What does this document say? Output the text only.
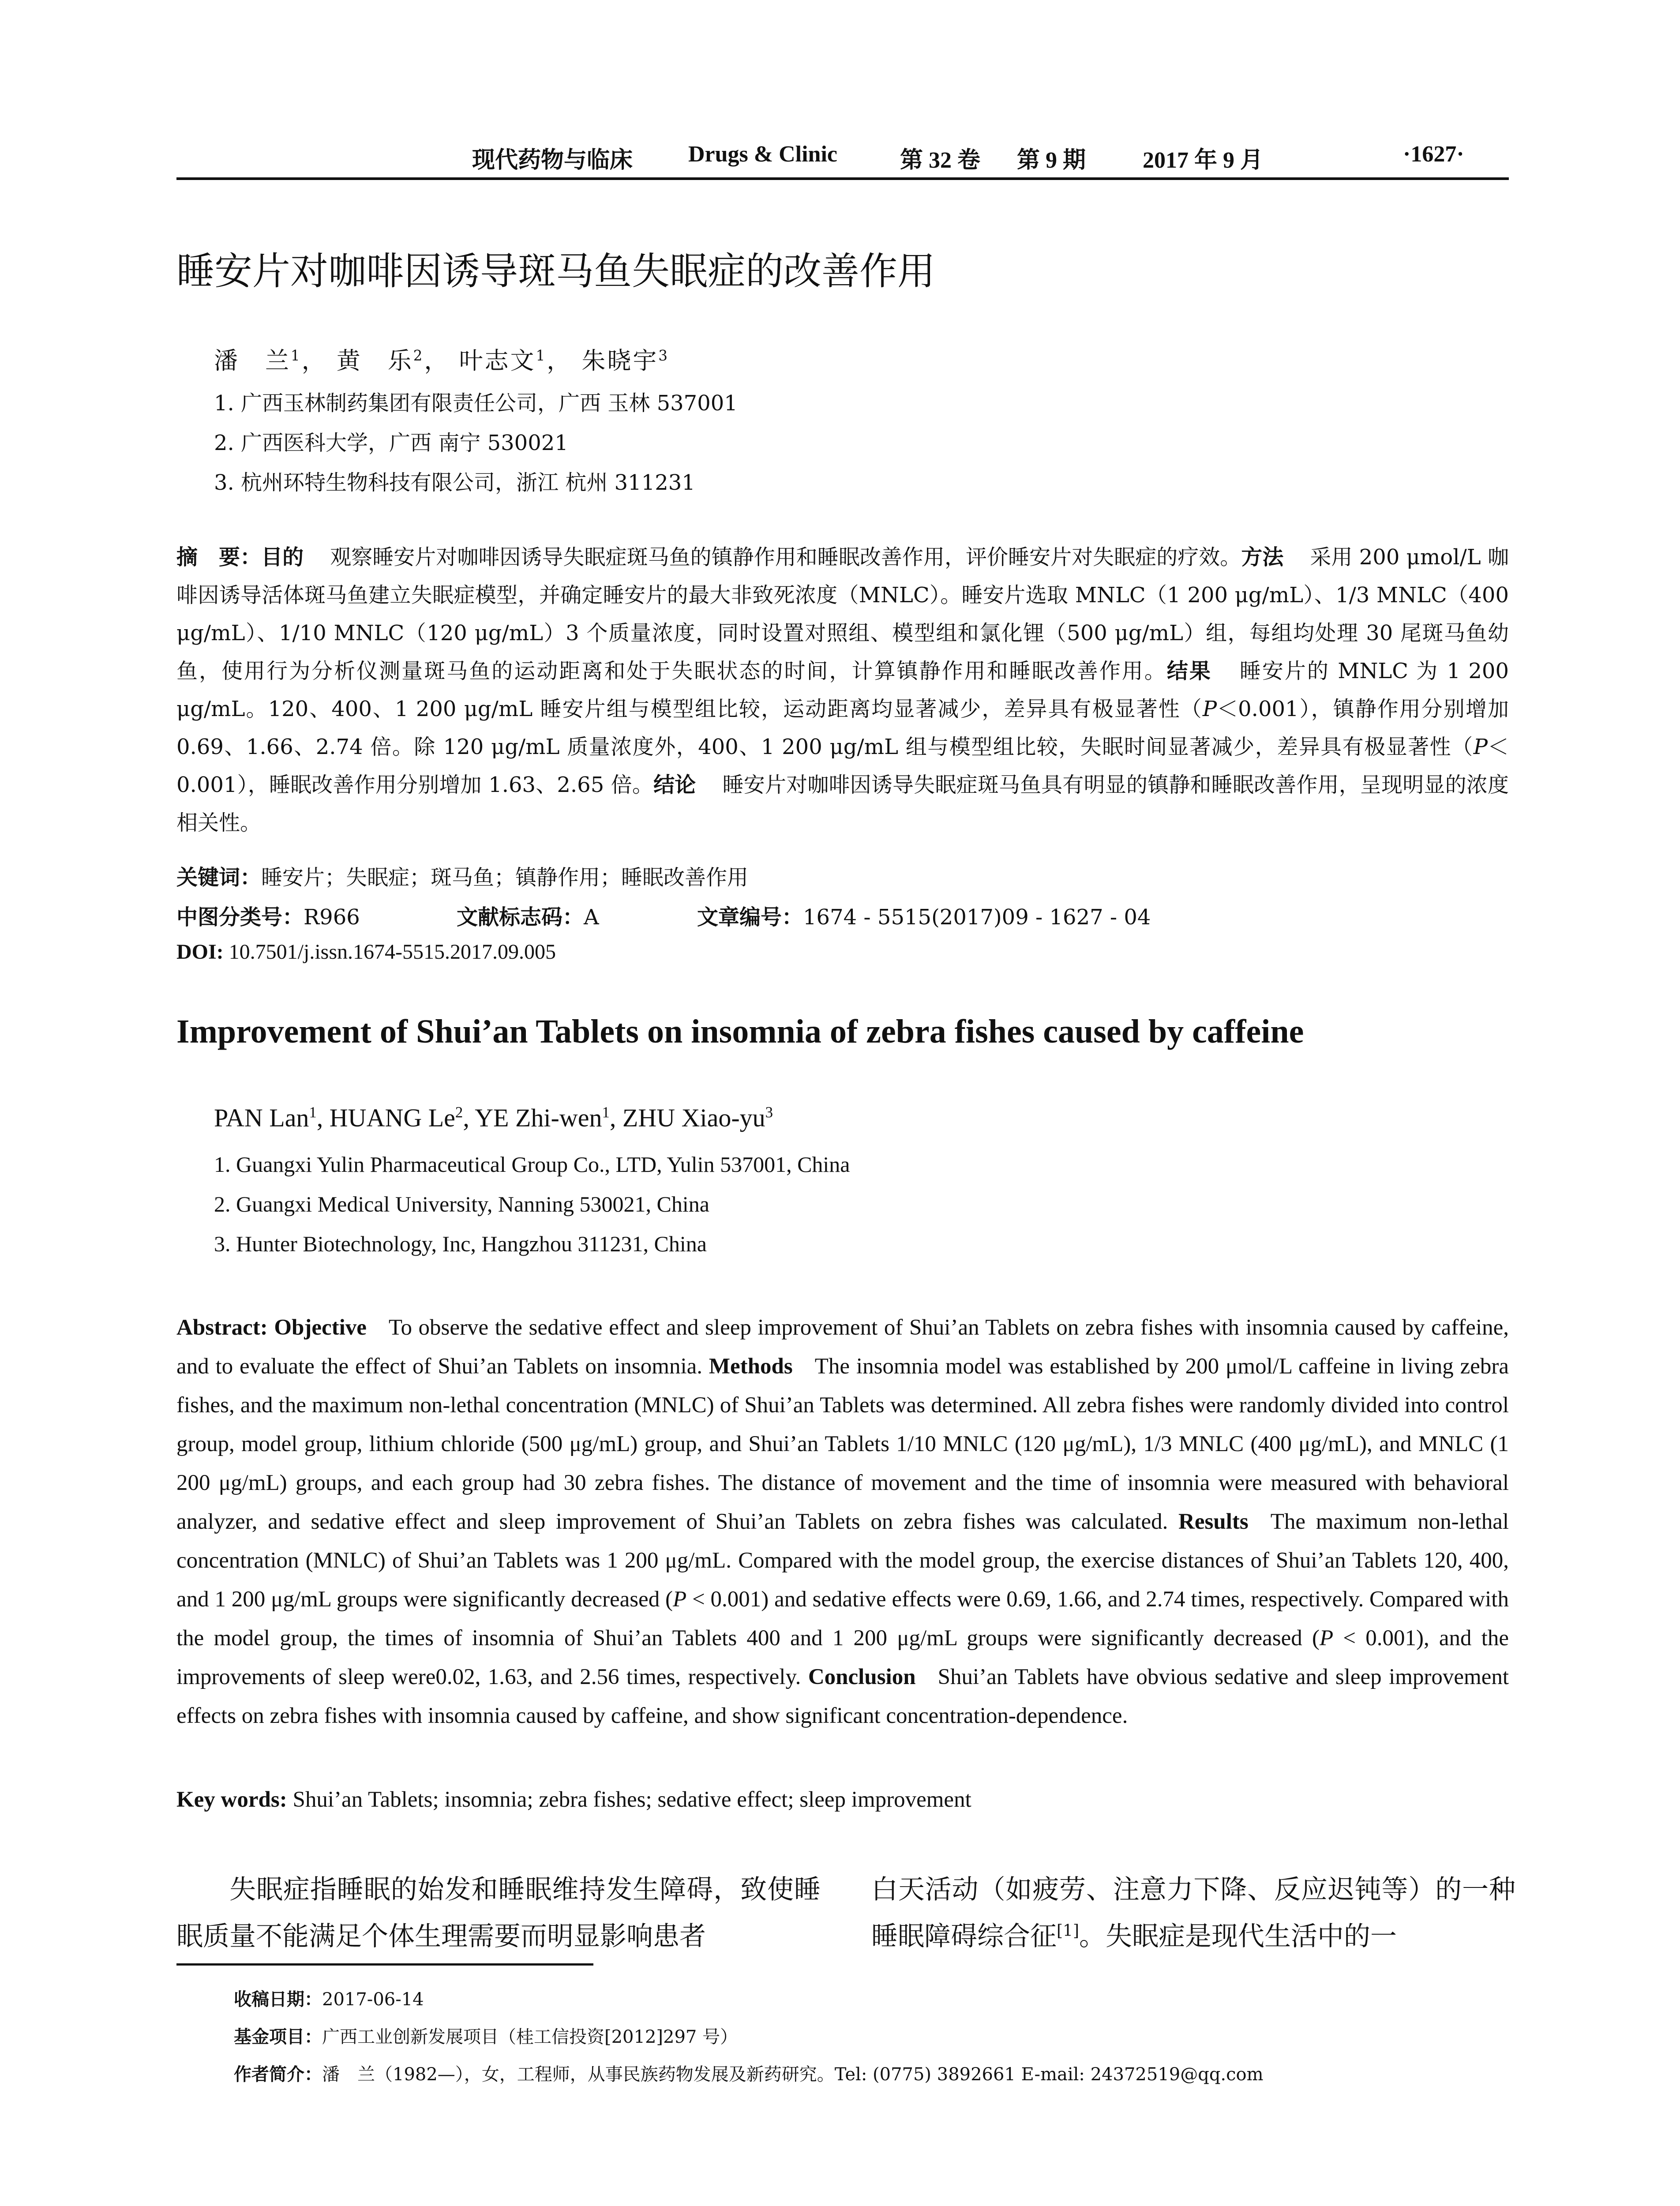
现代药物与临床 Drugs & Clinic	第 32 卷 第 9 期 2017 年 9 月	·1627·
睡安片对咖啡因诱导斑马鱼失眠症的改善作用
潘　兰$^1$， 黄　乐$^2$， 叶志文$^1$， 朱晓宇$^3$
1. 广西玉林制药集团有限责任公司，广西 玉林 537001
2. 广西医科大学，广西 南宁 530021
3. 杭州环特生物科技有限公司，浙江 杭州 311231
摘　要：目的 观察睡安片对咖啡因诱导失眠症斑马鱼的镇静作用和睡眠改善作用，评价睡安片对失眠症的疗效。方法 采用 200 μmol/L 咖啡因诱导活体斑马鱼建立失眠症模型，并确定睡安片的最大非致死浓度（MNLC）。睡安片选取 MNLC（1 200 μg/mL）、1/3 MNLC（400 μg/mL）、1/10 MNLC（120 μg/mL）3 个质量浓度，同时设置对照组、模型组和氯化锂（500 μg/mL）组，每组均处理 30 尾斑马鱼幼鱼，使用行为分析仪测量斑马鱼的运动距离和处于失眠状态的时间，计算镇静作用和睡眠改善作用。结果 睡安片的 MNLC 为 1 200 μg/mL。120、400、1 200 μg/mL 睡安片组与模型组比较，运动距离均显著减少，差异具有极显著性（P＜0.001），镇静作用分别增加 0.69、1.66、2.74 倍。除 120 μg/mL 质量浓度外，400、1 200 μg/mL 组与模型组比较，失眠时间显著减少，差异具有极显著性（P＜0.001），睡眠改善作用分别增加 1.63、2.65 倍。结论 睡安片对咖啡因诱导失眠症斑马鱼具有明显的镇静和睡眠改善作用，呈现明显的浓度相关性。
关键词：睡安片；失眠症；斑马鱼；镇静作用；睡眠改善作用
中图分类号：R966	文献标志码：A	文章编号：1674 - 5515(2017)09 - 1627 - 04
DOI: 10.7501/j.issn.1674-5515.2017.09.005
Improvement of Shui’an Tablets on insomnia of zebra fishes caused by caffeine
PAN Lan$^1$, HUANG Le$^2$, YE Zhi-wen$^1$, ZHU Xiao-$yu^3$
1. Guangxi Yulin Pharmaceutical Group Co., LTD, Yulin 537001, China
2. Guangxi Medical University, Nanning 530021, China
3. Hunter Biotechnology, Inc, Hangzhou 311231, China
Abstract: Objective To observe the sedative effect and sleep improvement of Shui’an Tablets on zebra fishes with insomnia caused by caffeine, and to evaluate the effect of Shui’an Tablets on insomnia. Methods The insomnia model was established by 200 μmol/L caffeine in living zebra fishes, and the maximum non-lethal concentration (MNLC) of Shui’an Tablets was determined. All zebra fishes were randomly divided into control group, model group, lithium chloride (500 μg/mL) group, and Shui’an Tablets 1/10 MNLC (120 μg/mL), 1/3 MNLC (400 μg/mL), and MNLC (1 200 μg/mL) groups, and each group had 30 zebra fishes. The distance of movement and the time of insomnia were measured with behavioral analyzer, and sedative effect and sleep improvement of Shui’an Tablets on zebra fishes was calculated. Results The maximum non-lethal concentration (MNLC) of Shui’an Tablets was 1 200 μg/mL. Compared with the model group, the exercise distances of Shui’an Tablets 120, 400, and 1 200 μg/mL groups were significantly decreased (P < 0.001) and sedative effects were 0.69, 1.66, and 2.74 times, respectively. Compared with the model group, the times of insomnia of Shui’an Tablets 400 and 1 200 μg/mL groups were significantly decreased (P < 0.001), and the improvements of sleep were0.02, 1.63, and 2.56 times, respectively. Conclusion Shui’an Tablets have obvious sedative and sleep improvement effects on zebra fishes with insomnia caused by caffeine, and show significant concentration-dependence.
Key words: Shui’an Tablets; insomnia; zebra fishes; sedative effect; sleep improvement
失眠症指睡眠的始发和睡眠维持发生障碍，致使睡眠质量不能满足个体生理需要而明显影响患者
白天活动（如疲劳、注意力下降、反应迟钝等）的一种睡眠障碍综合征[1]。失眠症是现代生活中的一
收稿日期：2017-06-14
基金项目：广西工业创新发展项目（桂工信投资[2012]297 号）
作者简介：潘　兰（1982—），女，工程师，从事民族药物发展及新药研究。Tel: (0775) 3892661 E-mail: 24372519@qq.com
